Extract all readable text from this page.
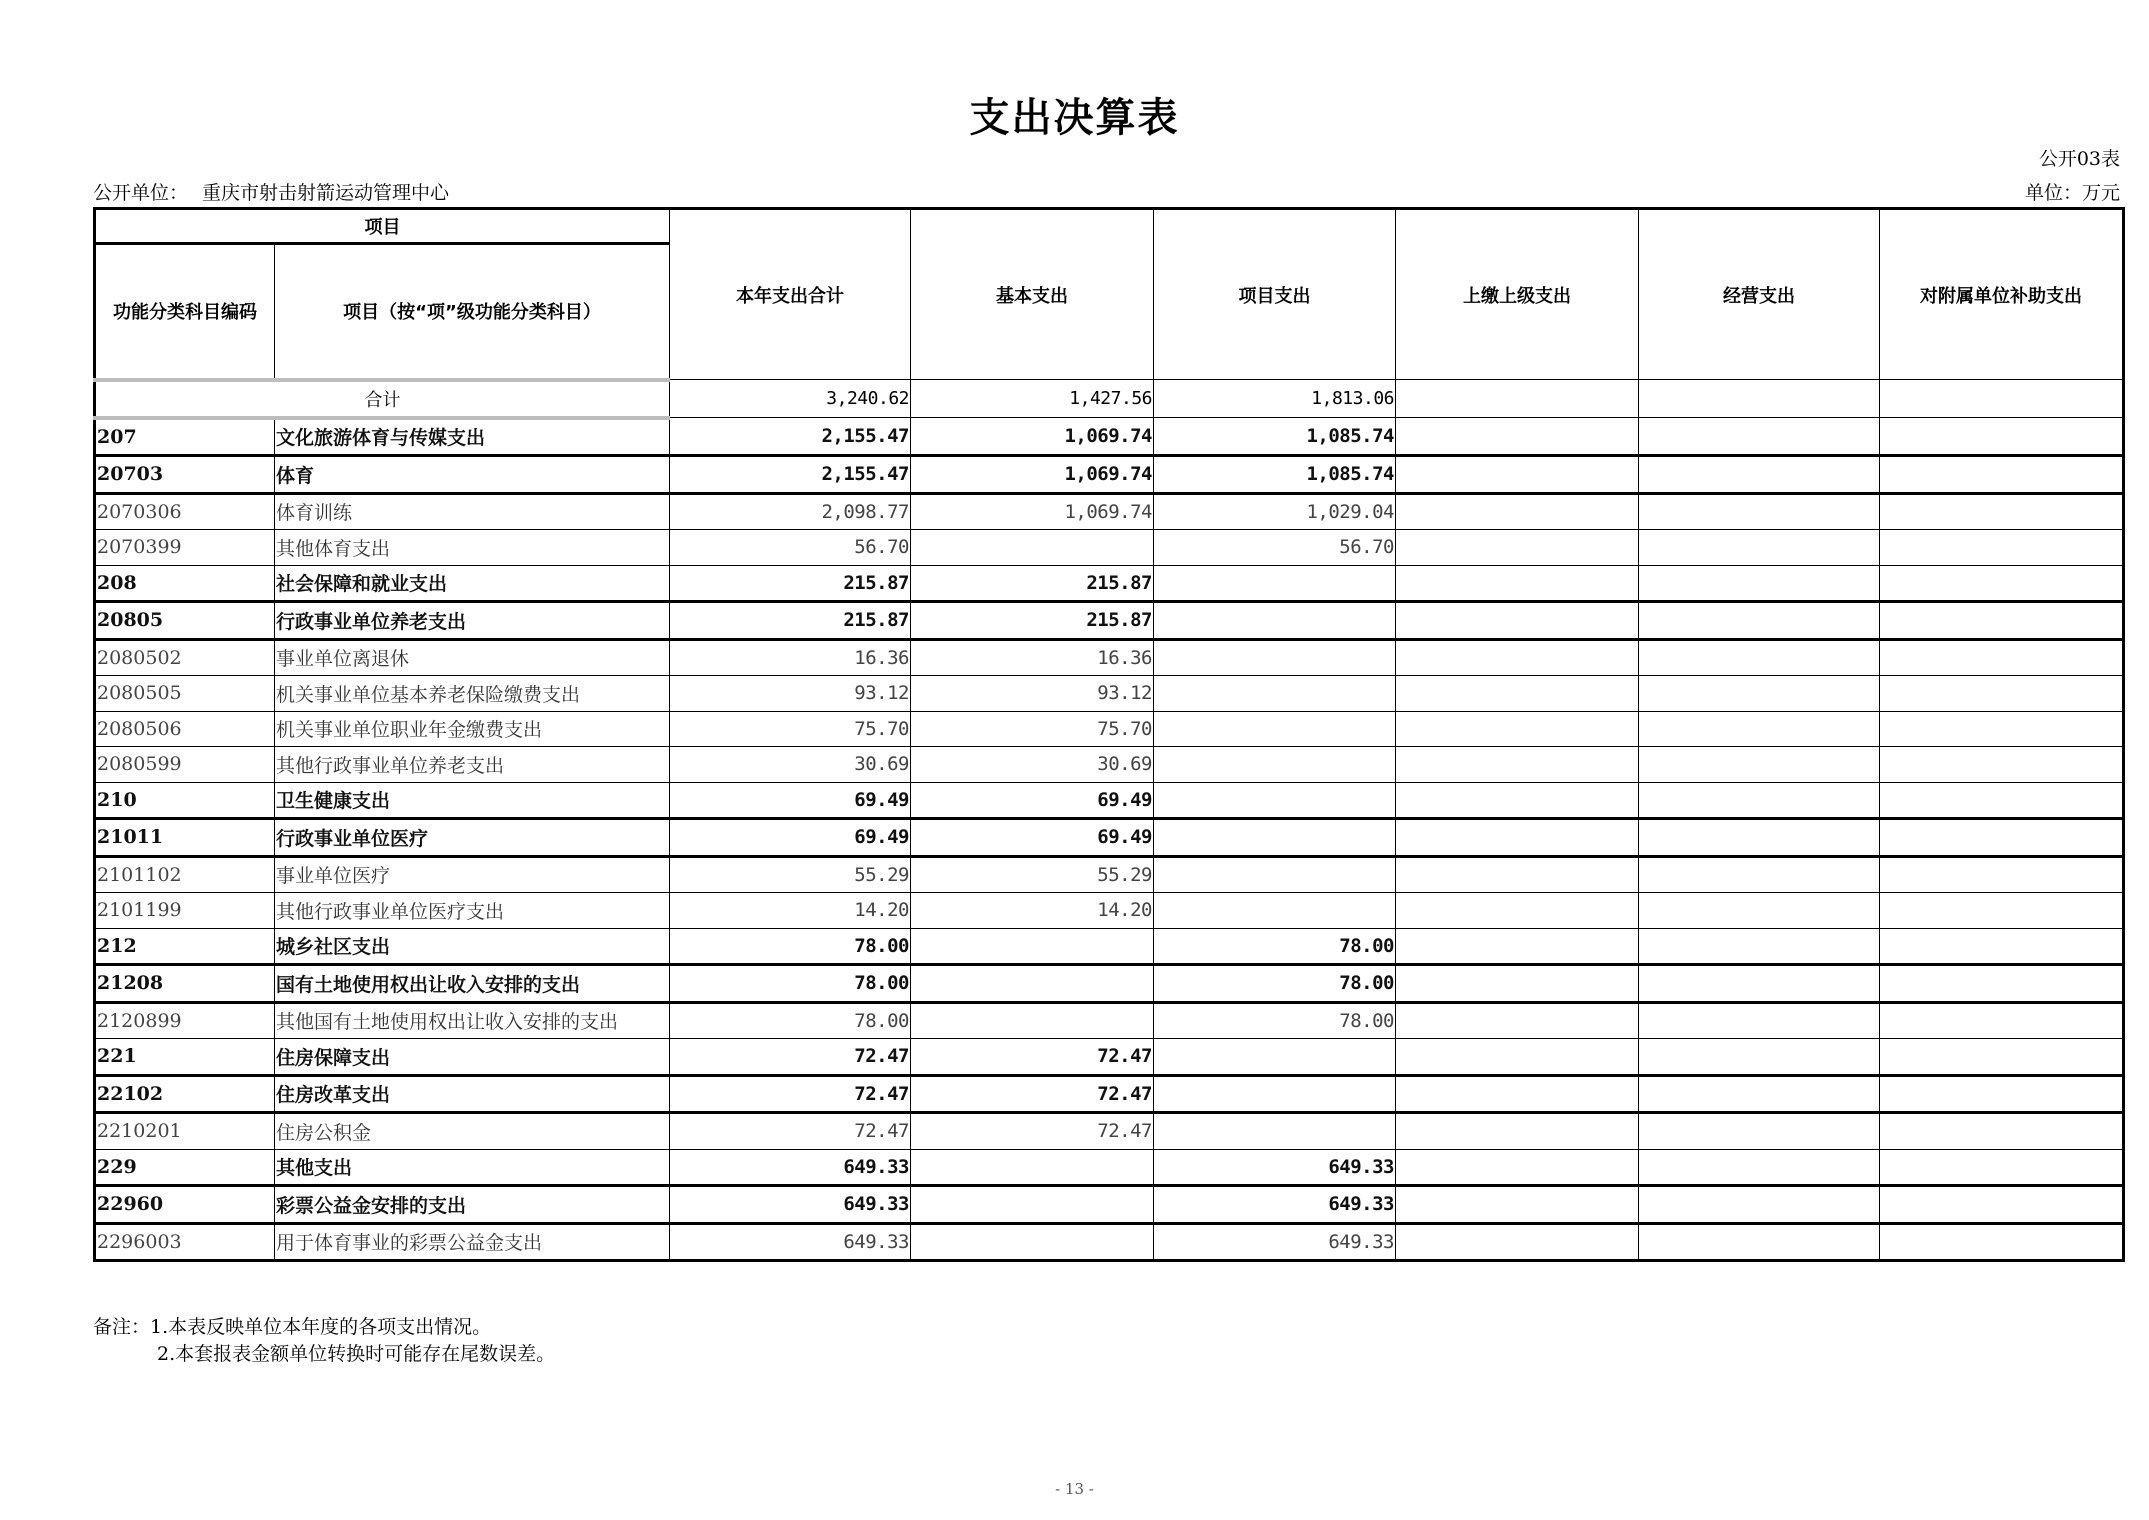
支出决算表
公开03表
公开单位： 重庆市射击射箭运动管理中心	单位：万元
项目		本年支出合计	基本支出	项目支出	上缴上级支出	经营支出	对附属单位补助支出
功能分类科目编码	项目（按“项”级功能分类科目）						
合计		3,240.62	1,427.56	1,813.06			
207	文化旅游体育与传媒支出	2,155.47	1,069.74	1,085.74			
20703	体育	2,155.47	1,069.74	1,085.74			
2070306	体育训练	2,098.77	1,069.74	1,029.04			
2070399	其他体育支出	56.70		56.70			
208	社会保障和就业支出	215.87	215.87				
20805	行政事业单位养老支出	215.87	215.87				
2080502	事业单位离退休	16.36	16.36				
2080505	机关事业单位基本养老保险缴费支出	93.12	93.12				
2080506	机关事业单位职业年金缴费支出	75.70	75.70				
2080599	其他行政事业单位养老支出	30.69	30.69				
210	卫生健康支出	69.49	69.49				
21011	行政事业单位医疗	69.49	69.49				
2101102	事业单位医疗	55.29	55.29				
2101199	其他行政事业单位医疗支出	14.20	14.20				
212	城乡社区支出	78.00		78.00			
21208	国有土地使用权出让收入安排的支出	78.00		78.00			
2120899	其他国有土地使用权出让收入安排的支出	78.00		78.00			
221	住房保障支出	72.47	72.47				
22102	住房改革支出	72.47	72.47				
2210201	住房公积金	72.47	72.47				
229	其他支出	649.33		649.33			
22960	彩票公益金安排的支出	649.33		649.33			
2296003	用于体育事业的彩票公益金支出	649.33		649.33			
备注：1.本表反映单位本年度的各项支出情况。
2.本套报表金额单位转换时可能存在尾数误差。
- 13 -
